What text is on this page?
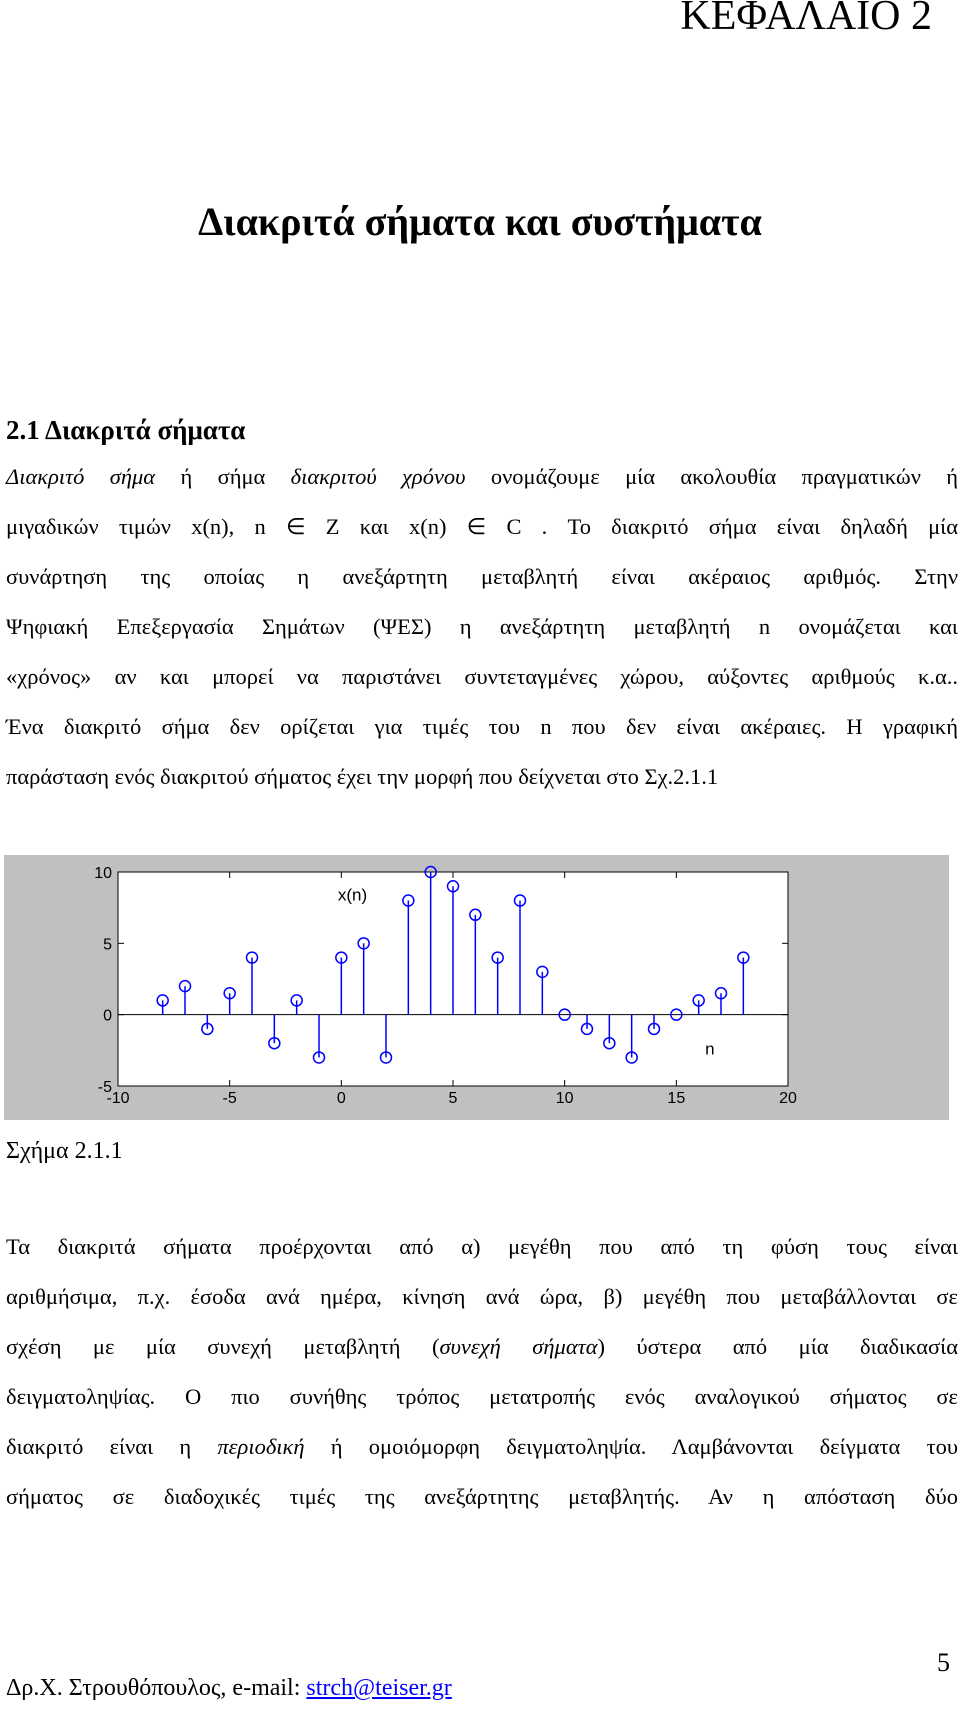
ΚΕΦΑΛΑΙΟ 2
Διακριτά σήματα και συστήματα
2.1 Διακριτά σήματα
Διακριτό σήμα ή σήμα διακριτού χρόνου ονομάζουμε μία ακολουθία πραγματικών ή
μιγαδικών τιμών x(n), n ∈ Z και x(n) ∈ C . Το διακριτό σήμα είναι δηλαδή μία
συνάρτηση της οποίας η ανεξάρτητη μεταβλητή είναι ακέραιος αριθμός. Στην
Ψηφιακή Επεξεργασία Σημάτων (ΨΕΣ) η ανεξάρτητη μεταβλητή n ονομάζεται και
«χρόνος» αν και μπορεί να παριστάνει συντεταγμένες χώρου, αύξοντες αριθμούς κ.α..
Ένα διακριτό σήμα δεν ορίζεται για τιμές του n που δεν είναι ακέραιες. Η γραφική
παράσταση ενός διακριτού σήματος έχει την μορφή που δείχνεται στο Σχ.2.1.1
-10	-5	0	5	10	15	20
-5
0
5
10
x(n)
n
Σχήμα 2.1.1
Τα διακριτά σήματα προέρχονται από α) μεγέθη που από τη φύση τους είναι
αριθμήσιμα, π.χ. έσοδα ανά ημέρα, κίνηση ανά ώρα, β) μεγέθη που μεταβάλλονται σε
σχέση με μία συνεχή μεταβλητή (συνεχή σήματα) ύστερα από μία διαδικασία
δειγματοληψίας. Ο πιο συνήθης τρόπος μετατροπής ενός αναλογικού σήματος σε
διακριτό είναι η περιοδική ή ομοιόμορφη δειγματοληψία. Λαμβάνονται δείγματα του
σήματος σε διαδοχικές τιμές της ανεξάρτητης μεταβλητής. Αν η απόσταση δύο
Δρ.Χ. Στρουθόπουλος, e-mail: strch@teiser.gr
5
